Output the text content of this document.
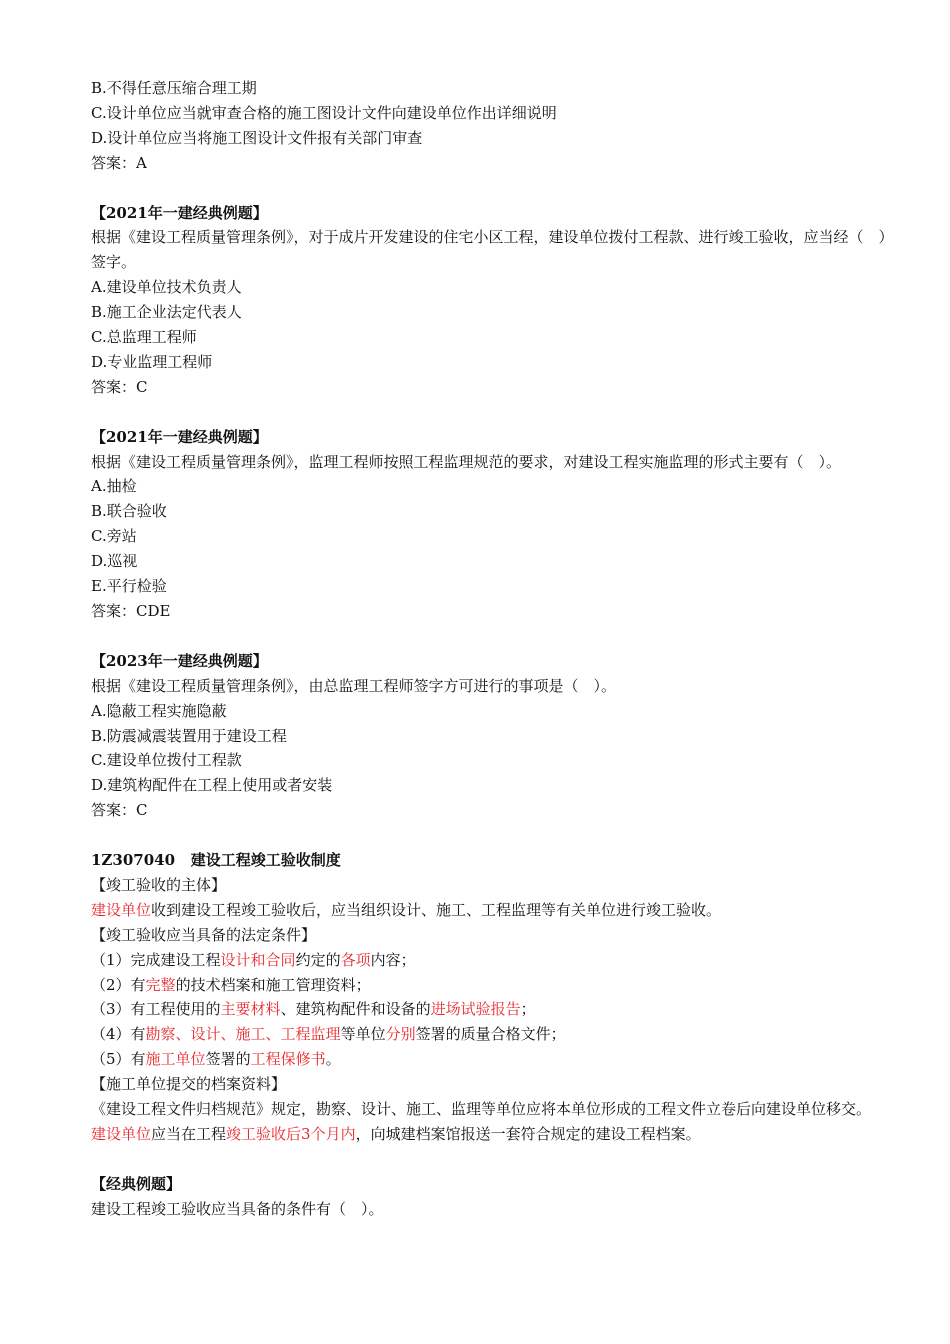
B.不得任意压缩合理工期
C.设计单位应当就审查合格的施工图设计文件向建设单位作出详细说明
D.设计单位应当将施工图设计文件报有关部门审查
答案：A
【2021年一建经典例题】
根据《建设工程质量管理条例》，对于成片开发建设的住宅小区工程，建设单位拨付工程款、进行竣工验收，应当经（　）签字。
A.建设单位技术负责人
B.施工企业法定代表人
C.总监理工程师
D.专业监理工程师
答案：C
【2021年一建经典例题】
根据《建设工程质量管理条例》，监理工程师按照工程监理规范的要求，对建设工程实施监理的形式主要有（　）。
A.抽检
B.联合验收
C.旁站
D.巡视
E.平行检验
答案：CDE
【2023年一建经典例题】
根据《建设工程质量管理条例》，由总监理工程师签字方可进行的事项是（　）。
A.隐蔽工程实施隐蔽
B.防震减震装置用于建设工程
C.建设单位拨付工程款
D.建筑构配件在工程上使用或者安装
答案：C
1Z307040 建设工程竣工验收制度
【竣工验收的主体】
建设单位收到建设工程竣工验收后，应当组织设计、施工、工程监理等有关单位进行竣工验收。
【竣工验收应当具备的法定条件】
（1）完成建设工程设计和合同约定的各项内容；
（2）有完整的技术档案和施工管理资料；
（3）有工程使用的主要材料、建筑构配件和设备的进场试验报告；
（4）有勘察、设计、施工、工程监理等单位分别签署的质量合格文件；
（5）有施工单位签署的工程保修书。
【施工单位提交的档案资料】
《建设工程文件归档规范》规定，勘察、设计、施工、监理等单位应将本单位形成的工程文件立卷后向建设单位移交。
建设单位应当在工程竣工验收后3个月内，向城建档案馆报送一套符合规定的建设工程档案。
【经典例题】
建设工程竣工验收应当具备的条件有（　）。
